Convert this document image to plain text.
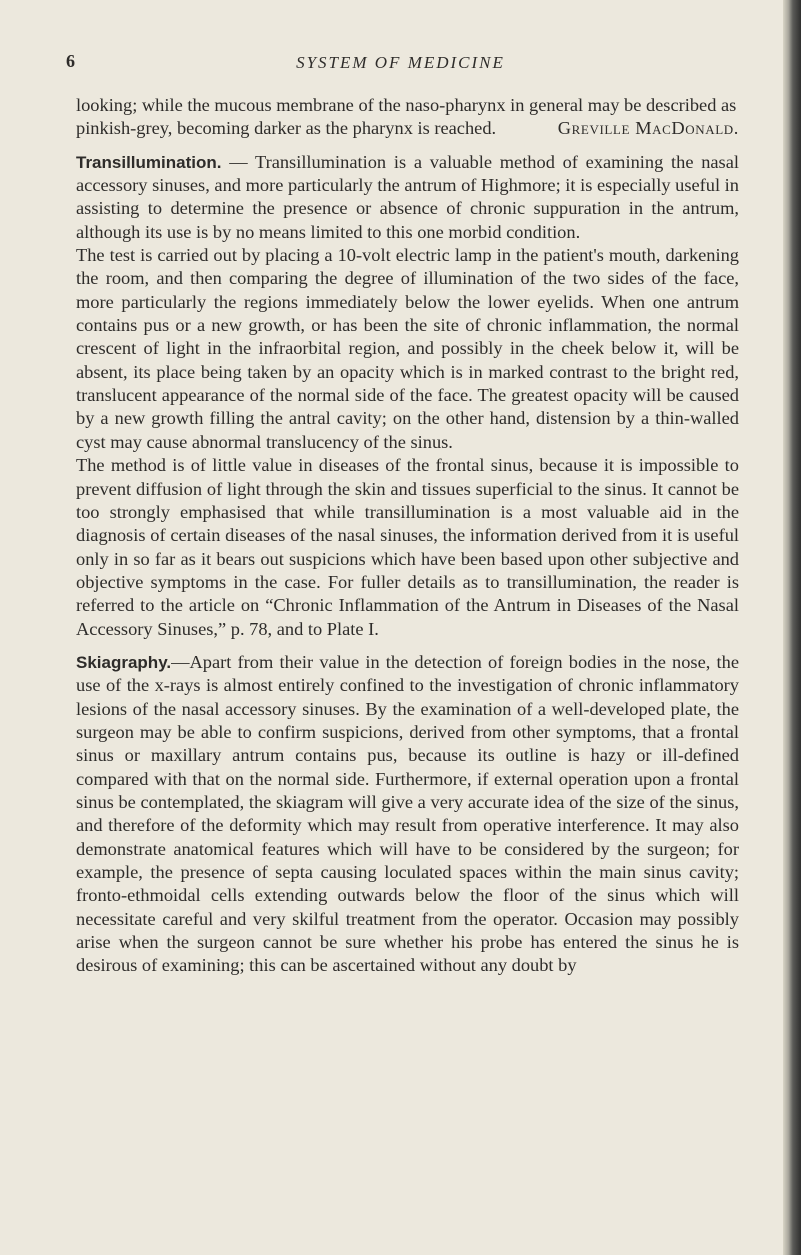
6	SYSTEM OF MEDICINE

looking; while the mucous membrane of the naso-pharynx in general may be described as pinkish-grey, becoming darker as the pharynx is reached.	Greville MacDonald.

Transillumination. — Transillumination is a valuable method of examining the nasal accessory sinuses, and more particularly the antrum of Highmore; it is especially useful in assisting to determine the presence or absence of chronic suppuration in the antrum, although its use is by no means limited to this one morbid condition.

The test is carried out by placing a 10-volt electric lamp in the patient's mouth, darkening the room, and then comparing the degree of illumination of the two sides of the face, more particularly the regions immediately below the lower eyelids. When one antrum contains pus or a new growth, or has been the site of chronic inflammation, the normal crescent of light in the infraorbital region, and possibly in the cheek below it, will be absent, its place being taken by an opacity which is in marked contrast to the bright red, translucent appearance of the normal side of the face. The greatest opacity will be caused by a new growth filling the antral cavity; on the other hand, distension by a thin-walled cyst may cause abnormal translucency of the sinus.

The method is of little value in diseases of the frontal sinus, because it is impossible to prevent diffusion of light through the skin and tissues superficial to the sinus. It cannot be too strongly emphasised that while transillumination is a most valuable aid in the diagnosis of certain diseases of the nasal sinuses, the information derived from it is useful only in so far as it bears out suspicions which have been based upon other subjective and objective symptoms in the case. For fuller details as to transillumination, the reader is referred to the article on “Chronic Inflammation of the Antrum in Diseases of the Nasal Accessory Sinuses,” p. 78, and to Plate I.

Skiagraphy.—Apart from their value in the detection of foreign bodies in the nose, the use of the x-rays is almost entirely confined to the investigation of chronic inflammatory lesions of the nasal accessory sinuses. By the examination of a well-developed plate, the surgeon may be able to confirm suspicions, derived from other symptoms, that a frontal sinus or maxillary antrum contains pus, because its outline is hazy or ill-defined compared with that on the normal side. Furthermore, if external operation upon a frontal sinus be contemplated, the skiagram will give a very accurate idea of the size of the sinus, and therefore of the deformity which may result from operative interference. It may also demonstrate anatomical features which will have to be considered by the surgeon; for example, the presence of septa causing loculated spaces within the main sinus cavity; fronto-ethmoidal cells extending outwards below the floor of the sinus which will necessitate careful and very skilful treatment from the operator. Occasion may possibly arise when the surgeon cannot be sure whether his probe has entered the sinus he is desirous of examining; this can be ascertained without any doubt by
